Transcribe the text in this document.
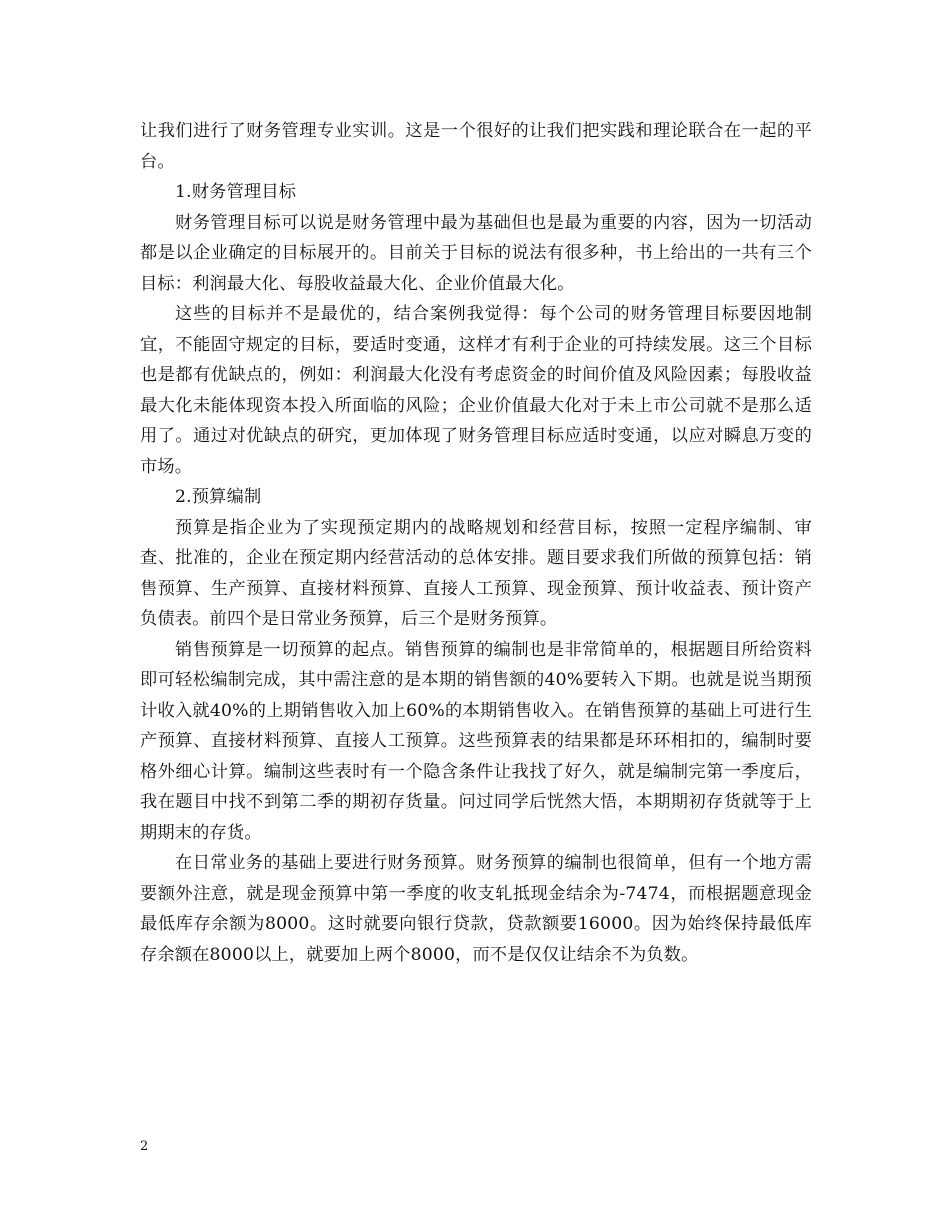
让我们进行了财务管理专业实训。这是一个很好的让我们把实践和理论联合在一起的平台。

1.财务管理目标

财务管理目标可以说是财务管理中最为基础但也是最为重要的内容，因为一切活动都是以企业确定的目标展开的。目前关于目标的说法有很多种，书上给出的一共有三个目标：利润最大化、每股收益最大化、企业价值最大化。

这些的目标并不是最优的，结合案例我觉得：每个公司的财务管理目标要因地制宜，不能固守规定的目标，要适时变通，这样才有利于企业的可持续发展。这三个目标也是都有优缺点的，例如：利润最大化没有考虑资金的时间价值及风险因素；每股收益最大化未能体现资本投入所面临的风险；企业价值最大化对于未上市公司就不是那么适用了。通过对优缺点的研究，更加体现了财务管理目标应适时变通，以应对瞬息万变的市场。

2.预算编制

预算是指企业为了实现预定期内的战略规划和经营目标，按照一定程序编制、审查、批准的，企业在预定期内经营活动的总体安排。题目要求我们所做的预算包括：销售预算、生产预算、直接材料预算、直接人工预算、现金预算、预计收益表、预计资产负债表。前四个是日常业务预算，后三个是财务预算。

销售预算是一切预算的起点。销售预算的编制也是非常简单的，根据题目所给资料即可轻松编制完成，其中需注意的是本期的销售额的40%要转入下期。也就是说当期预计收入就40%的上期销售收入加上60%的本期销售收入。在销售预算的基础上可进行生产预算、直接材料预算、直接人工预算。这些预算表的结果都是环环相扣的，编制时要格外细心计算。编制这些表时有一个隐含条件让我找了好久，就是编制完第一季度后，我在题目中找不到第二季的期初存货量。问过同学后恍然大悟，本期期初存货就等于上期期末的存货。

在日常业务的基础上要进行财务预算。财务预算的编制也很简单，但有一个地方需要额外注意，就是现金预算中第一季度的收支轧抵现金结余为-7474，而根据题意现金最低库存余额为8000。这时就要向银行贷款，贷款额要16000。因为始终保持最低库存余额在8000以上，就要加上两个8000，而不是仅仅让结余不为负数。

2
